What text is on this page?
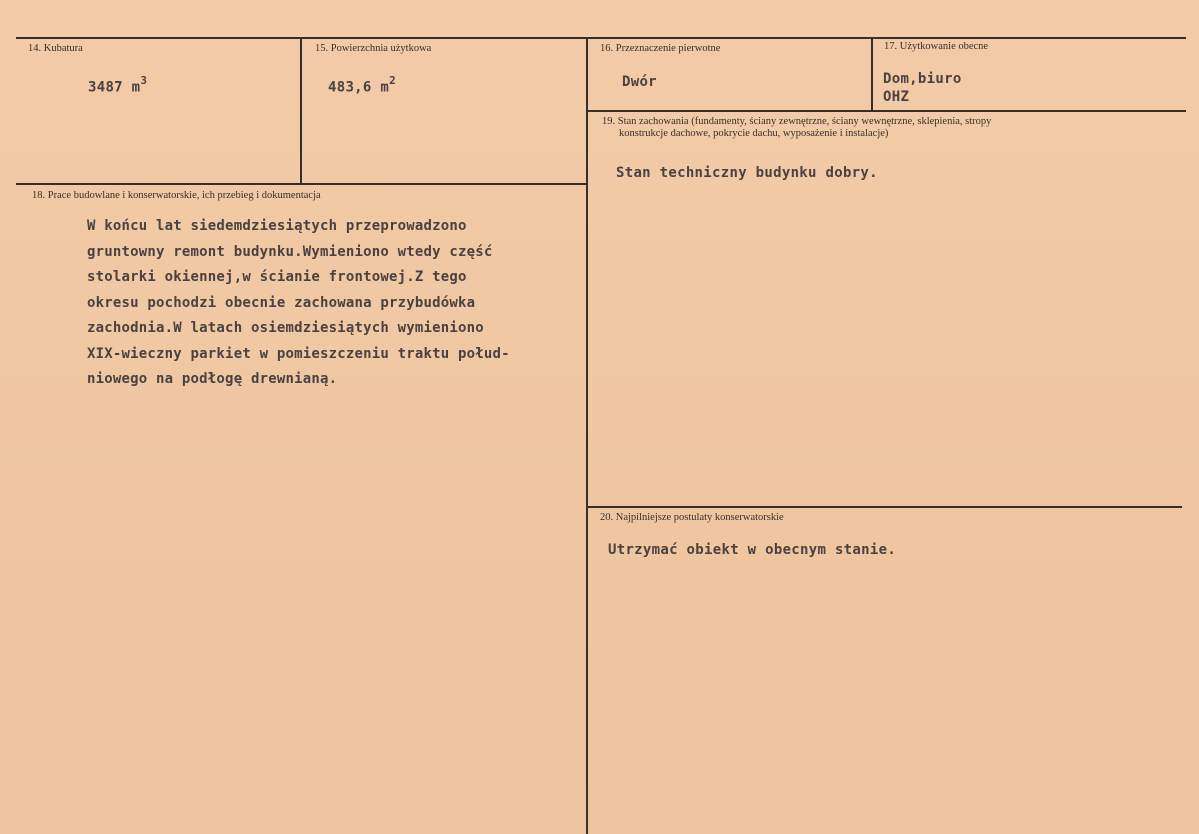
14. Kubatura
3487 $m^3$
15. Powierzchnia użytkowa
483,6 $m^2$
16. Przeznaczenie pierwotne
Dwór
17. Użytkowanie obecne
Dom,biuro
OHZ
18. Prace budowlane i konserwatorskie, ich przebieg i dokumentacja
W końcu lat siedemdziesiątych przeprowadzono
gruntowny remont budynku.Wymieniono wtedy część
stolarki okiennej,w ścianie frontowej.Z tego
okresu pochodzi obecnie zachowana przybudówka
zachodnia.W latach osiemdziesiątych wymieniono
XIX-wieczny parkiet w pomieszczeniu traktu połud-
niowego na podłogę drewnianą.
19. Stan zachowania (fundamenty, ściany zewnętrzne, ściany wewnętrzne, sklepienia, stropy
konstrukcje dachowe, pokrycie dachu, wyposażenie i instalacje)
Stan techniczny budynku dobry.
20. Najpilniejsze postulaty konserwatorskie
Utrzymać obiekt w obecnym stanie.
